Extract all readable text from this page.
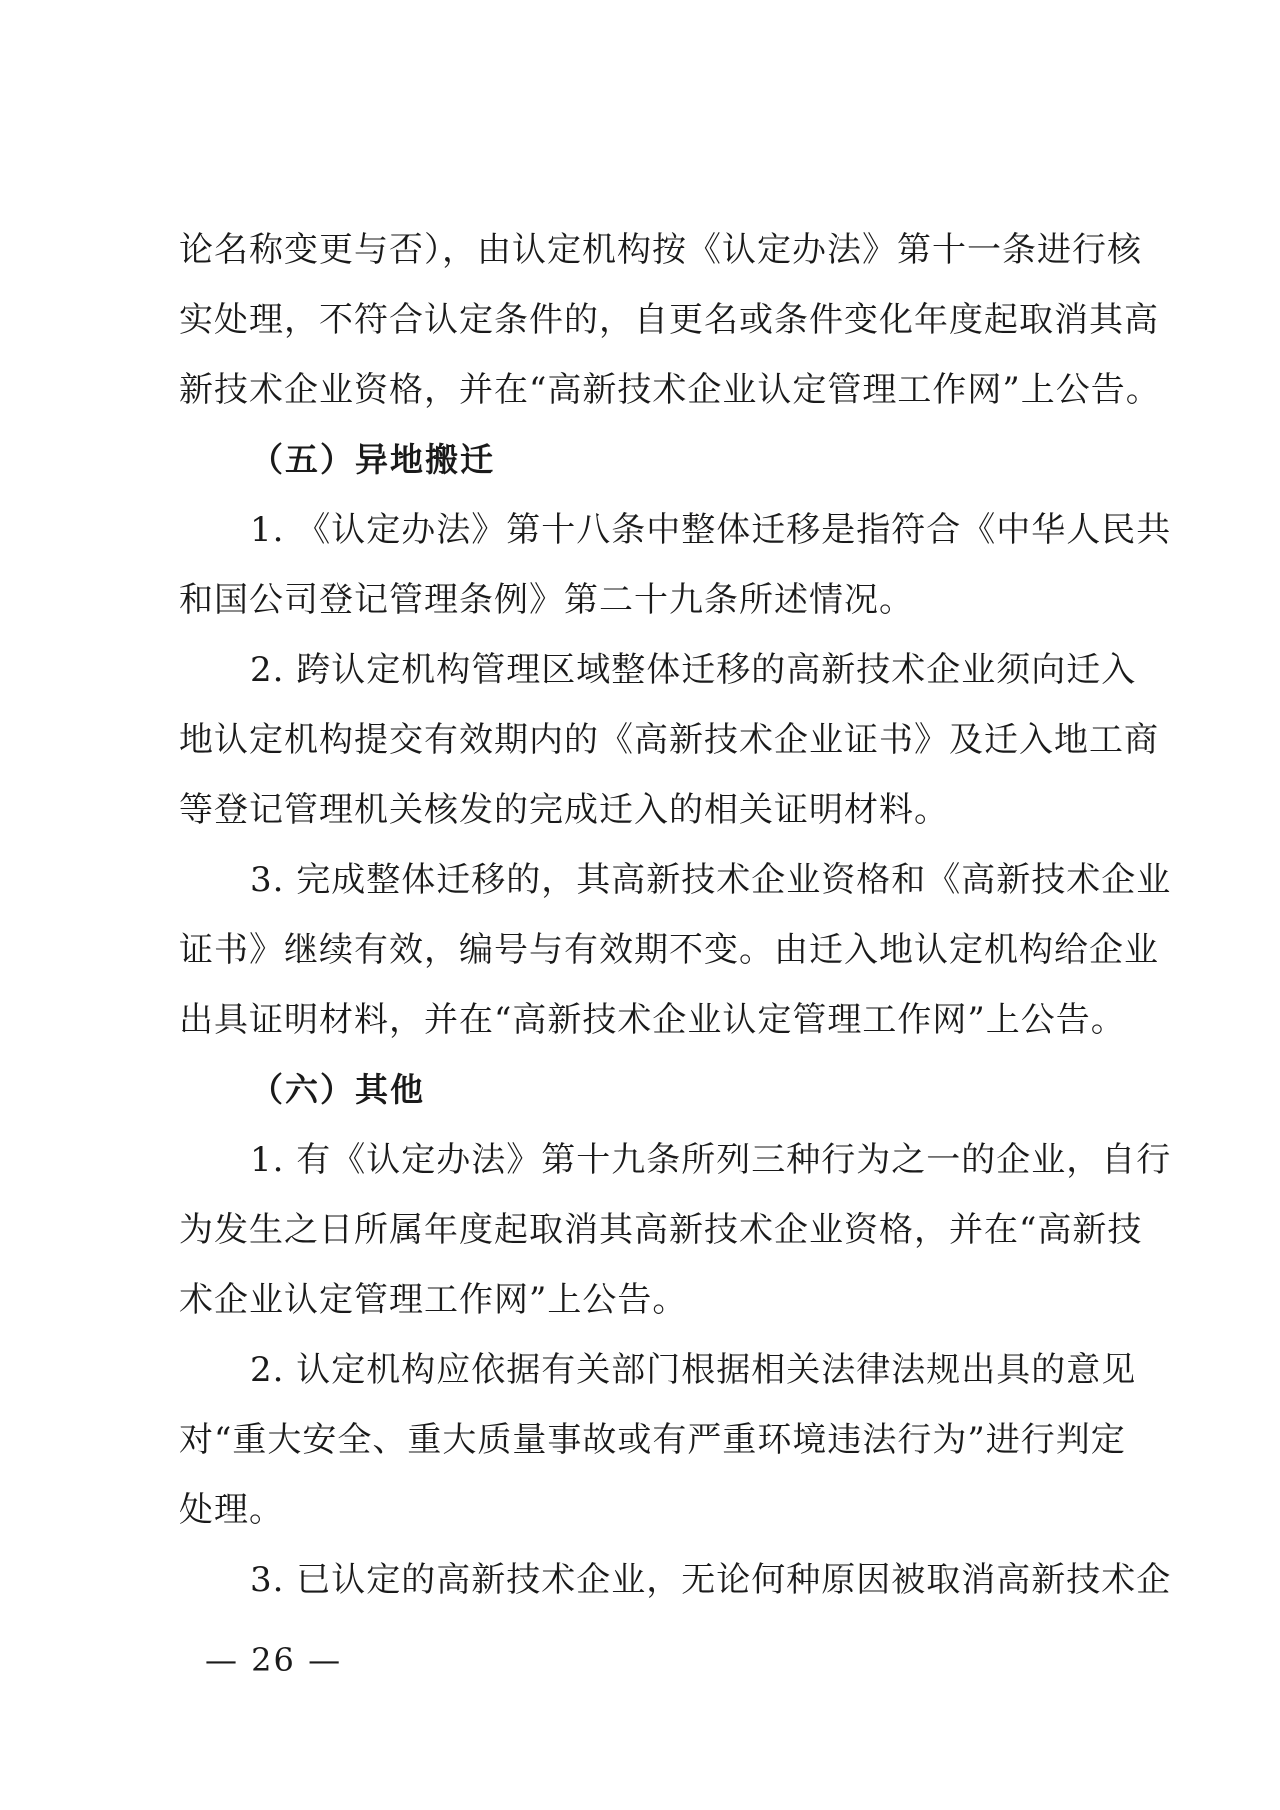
论名称变更与否），由认定机构按《认定办法》第十一条进行核
实处理，不符合认定条件的，自更名或条件变化年度起取消其高
新技术企业资格，并在“高新技术企业认定管理工作网”上公告。
（五）异地搬迁
1. 《认定办法》第十八条中整体迁移是指符合《中华人民共
和国公司登记管理条例》第二十九条所述情况。
2. 跨认定机构管理区域整体迁移的高新技术企业须向迁入
地认定机构提交有效期内的《高新技术企业证书》及迁入地工商
等登记管理机关核发的完成迁入的相关证明材料。
3. 完成整体迁移的，其高新技术企业资格和《高新技术企业
证书》继续有效，编号与有效期不变。由迁入地认定机构给企业
出具证明材料，并在“高新技术企业认定管理工作网”上公告。
（六）其他
1. 有《认定办法》第十九条所列三种行为之一的企业，自行
为发生之日所属年度起取消其高新技术企业资格，并在“高新技
术企业认定管理工作网”上公告。
2. 认定机构应依据有关部门根据相关法律法规出具的意见
对“重大安全、重大质量事故或有严重环境违法行为”进行判定
处理。
3. 已认定的高新技术企业，无论何种原因被取消高新技术企
— 26 —
